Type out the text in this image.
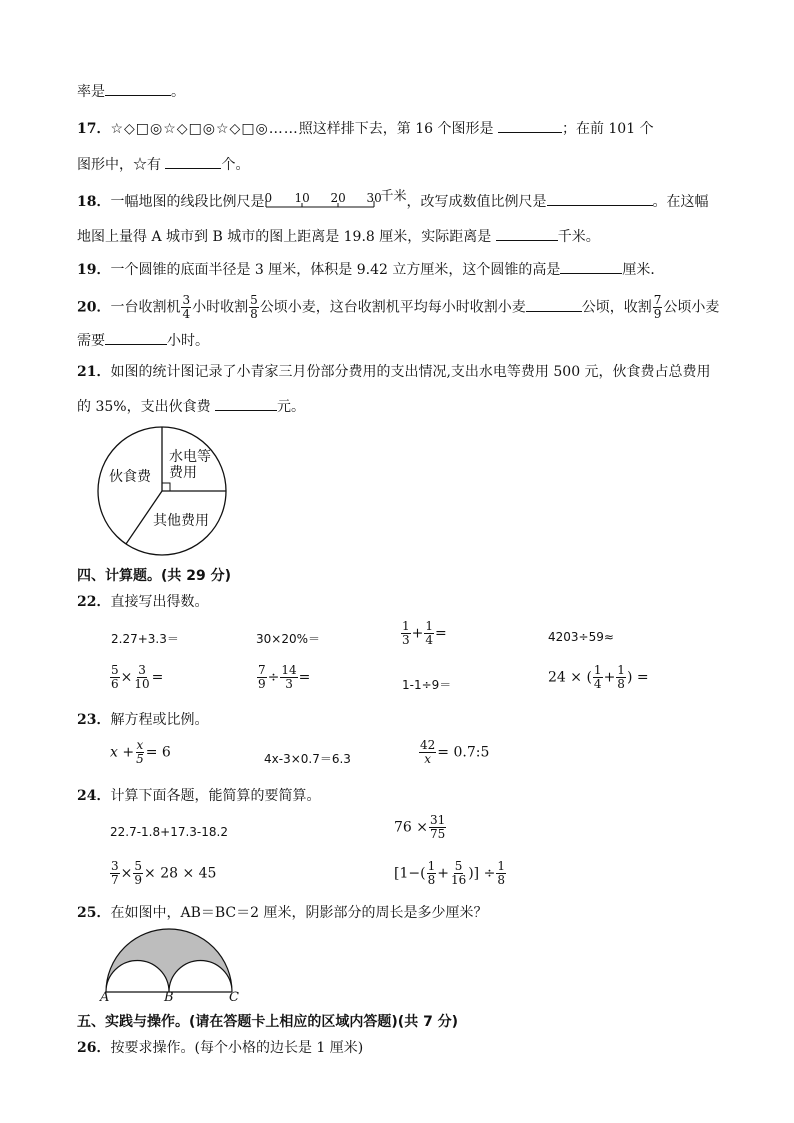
率是	。
17．☆◇□◎☆◇□◎☆◇□◎……照这样排下去，第 16 个图形是	；在前 101 个
图形中，☆有	个。
18．一幅地图的线段比例尺是 0 10 20 30
千米，改写成数值比例尺是	。在这幅
地图上量得 A 城市到 B 城市的图上距离是 19.8 厘米，实际距离是	千米。
19．一个圆锥的底面半径是 3 厘米，体积是 9.42 立方厘米，这个圆锥的高是	厘米．
20．一台收割机 $\frac{3}{4}$ 小时收割 $\frac{5}{8}$ 公顷小麦，这台收割机平均每小时收割小麦	公顷，收割 $\frac{7}{9}$ 公顷小麦
需要	小时。
21．如图的统计图记录了小青家三月份部分费用的支出情况,支出水电等费用 500 元，伙食费占总费用
的 35%，支出伙食费	元。
伙食费
水电等
费用
其他费用
四、计算题。(共 29 分)
22．直接写出得数。
2.27+3.3＝	30×20%＝	$\frac{1}{3} + \frac{1}{4}$ =	4203÷59≈
$\frac{5}{6} \times \frac{3}{10}$ =	$\frac{7}{9} \div \frac{14}{3}$ =	1-1÷9＝	24 × ( $\frac{1}{4} + \frac{1}{8}$ ) =
23．解方程或比例。
$x + \frac{x}{5} = 6$	4x-3×0.7＝6.3	$\frac{42}{x}$ = 0.7:5
24．计算下面各题，能简算的要简算。
22.7-1.8+17.3-18.2	$76 \times \frac{31}{75}$
$\frac{3}{7} \times \frac{5}{9} \times 28 \times 45$	[$1-( \frac{1}{8} + \frac{5}{16}$ )] ÷ $\frac{1}{8}$
25．在如图中，AB＝BC＝2 厘米，阴影部分的周长是多少厘米？
A	B	C
五、实践与操作。(请在答题卡上相应的区域内答题)(共 7 分)
26．按要求操作。(每个小格的边长是 1 厘米)
